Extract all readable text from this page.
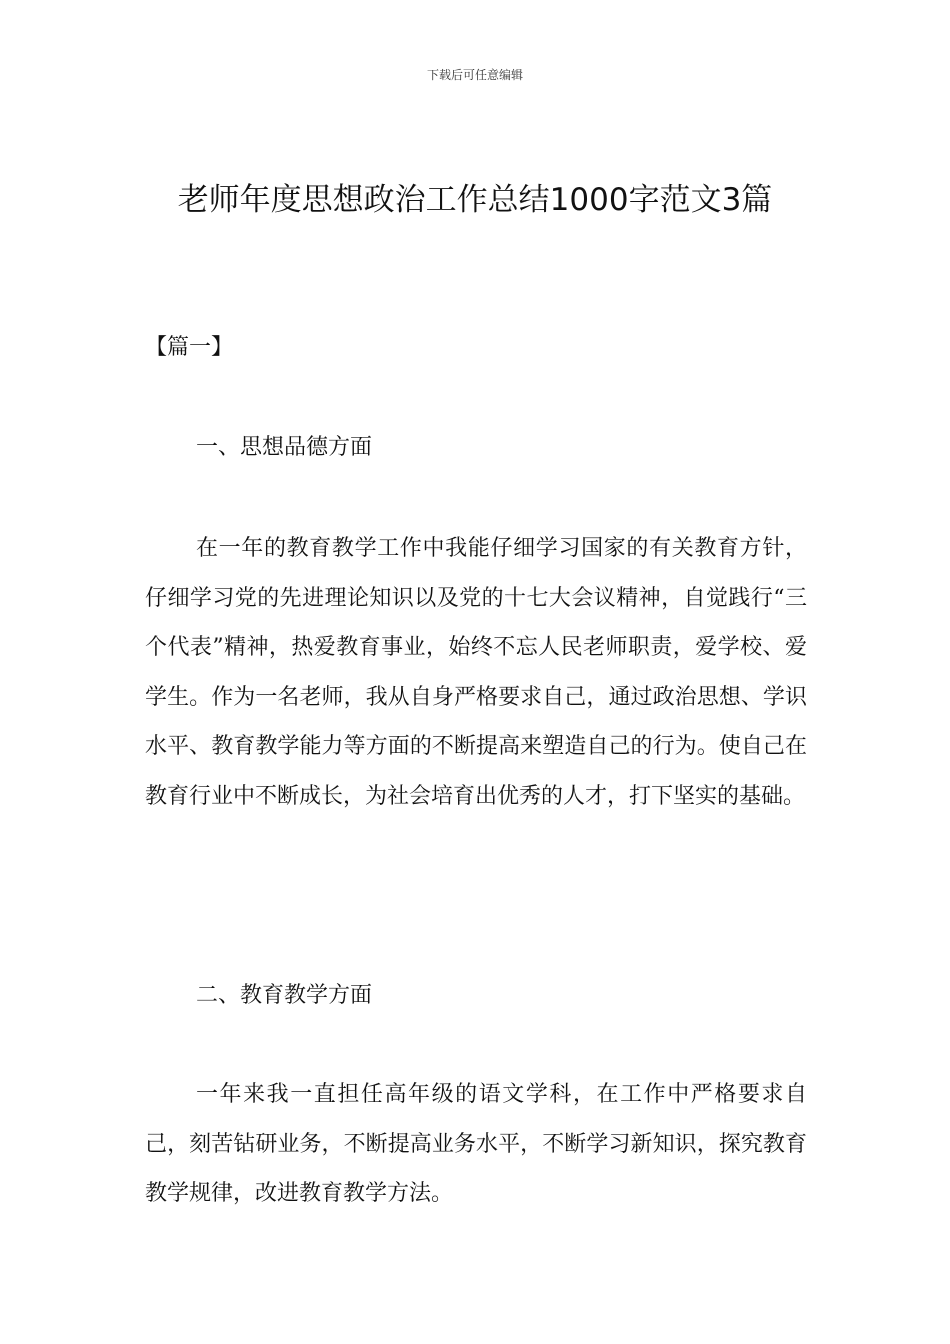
下载后可任意编辑
老师年度思想政治工作总结1000字范文3篇
【篇一】
一、思想品德方面

在一年的教育教学工作中我能仔细学习国家的有关教育方针，仔细学习党的先进理论知识以及党的十七大会议精神，自觉践行“三个代表”精神，热爱教育事业，始终不忘人民老师职责，爱学校、爱学生。作为一名老师，我从自身严格要求自己，通过政治思想、学识水平、教育教学能力等方面的不断提高来塑造自己的行为。使自己在教育行业中不断成长，为社会培育出优秀的人才，打下坚实的基础。

二、教育教学方面

一年来我一直担任高年级的语文学科，在工作中严格要求自己，刻苦钻研业务，不断提高业务水平，不断学习新知识，探究教育教学规律，改进教育教学方法。
